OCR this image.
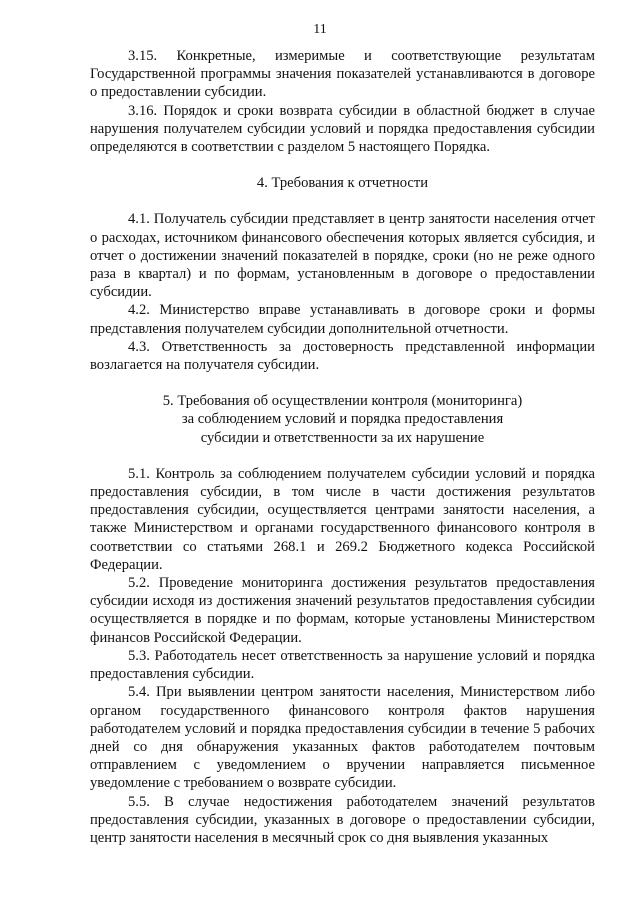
11

3.15. Конкретные, измеримые и соответствующие результатам Государственной программы значения показателей устанавливаются в договоре о предоставлении субсидии.

3.16. Порядок и сроки возврата субсидии в областной бюджет в случае нарушения получателем субсидии условий и порядка предоставления субсидии определяются в соответствии с разделом 5 настоящего Порядка.

4. Требования к отчетности

4.1. Получатель субсидии представляет в центр занятости населения отчет о расходах, источником финансового обеспечения которых является субсидия, и отчет о достижении значений показателей в порядке, сроки (но не реже одного раза в квартал) и по формам, установленным в договоре о предоставлении субсидии.

4.2. Министерство вправе устанавливать в договоре сроки и формы представления получателем субсидии дополнительной отчетности.

4.3. Ответственность за достоверность представленной информации возлагается на получателя субсидии.

5. Требования об осуществлении контроля (мониторинга)
за соблюдением условий и порядка предоставления
субсидии и ответственности за их нарушение

5.1. Контроль за соблюдением получателем субсидии условий и порядка предоставления субсидии, в том числе в части достижения результатов предоставления субсидии, осуществляется центрами занятости населения, а также Министерством и органами государственного финансового контроля в соответствии со статьями 268.1 и 269.2 Бюджетного кодекса Российской Федерации.

5.2. Проведение мониторинга достижения результатов предоставления субсидии исходя из достижения значений результатов предоставления субсидии осуществляется в порядке и по формам, которые установлены Министерством финансов Российской Федерации.

5.3. Работодатель несет ответственность за нарушение условий и порядка предоставления субсидии.

5.4. При выявлении центром занятости населения, Министерством либо органом государственного финансового контроля фактов нарушения работодателем условий и порядка предоставления субсидии в течение 5 рабочих дней со дня обнаружения указанных фактов работодателем почтовым отправлением с уведомлением о вручении направляется письменное уведомление с требованием о возврате субсидии.

5.5. В случае недостижения работодателем значений результатов предоставления субсидии, указанных в договоре о предоставлении субсидии, центр занятости населения в месячный срок со дня выявления указанных
